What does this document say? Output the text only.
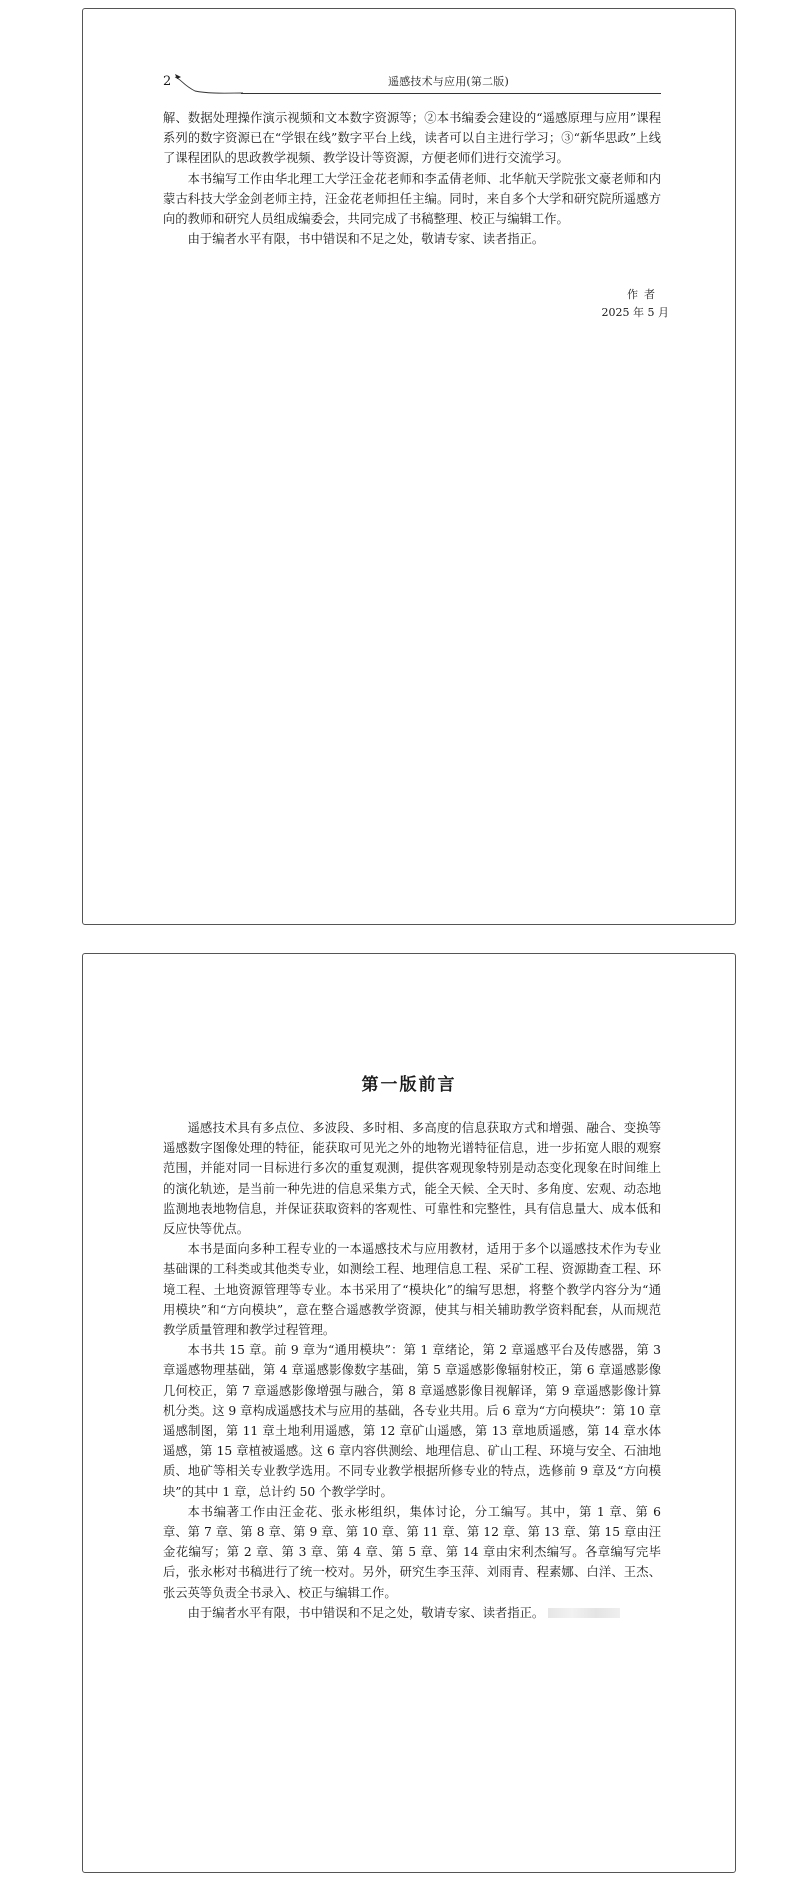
2	遥感技术与应用(第二版)

解、数据处理操作演示视频和文本数字资源等；②本书编委会建设的“遥感原理与应用”课程系列的数字资源已在“学银在线”数字平台上线，读者可以自主进行学习；③“新华思政”上线了课程团队的思政教学视频、教学设计等资源，方便老师们进行交流学习。

本书编写工作由华北理工大学汪金花老师和李孟倩老师、北华航天学院张文豪老师和内蒙古科技大学金剑老师主持，汪金花老师担任主编。同时，来自多个大学和研究院所遥感方向的教师和研究人员组成编委会，共同完成了书稿整理、校正与编辑工作。

由于编者水平有限，书中错误和不足之处，敬请专家、读者指正。

作者
2025 年 5 月
第一版前言

遥感技术具有多点位、多波段、多时相、多高度的信息获取方式和增强、融合、变换等遥感数字图像处理的特征，能获取可见光之外的地物光谱特征信息，进一步拓宽人眼的观察范围，并能对同一目标进行多次的重复观测，提供客观现象特别是动态变化现象在时间维上的演化轨迹，是当前一种先进的信息采集方式，能全天候、全天时、多角度、宏观、动态地监测地表地物信息，并保证获取资料的客观性、可靠性和完整性，具有信息量大、成本低和反应快等优点。

本书是面向多种工程专业的一本遥感技术与应用教材，适用于多个以遥感技术作为专业基础课的工科类或其他类专业，如测绘工程、地理信息工程、采矿工程、资源勘查工程、环境工程、土地资源管理等专业。本书采用了“模块化”的编写思想，将整个教学内容分为“通用模块”和“方向模块”，意在整合遥感教学资源，使其与相关辅助教学资料配套，从而规范教学质量管理和教学过程管理。

本书共 15 章。前 9 章为“通用模块”：第 1 章绪论，第 2 章遥感平台及传感器，第 3 章遥感物理基础，第 4 章遥感影像数字基础，第 5 章遥感影像辐射校正，第 6 章遥感影像几何校正，第 7 章遥感影像增强与融合，第 8 章遥感影像目视解译，第 9 章遥感影像计算机分类。这 9 章构成遥感技术与应用的基础，各专业共用。后 6 章为“方向模块”：第 10 章遥感制图，第 11 章土地利用遥感，第 12 章矿山遥感，第 13 章地质遥感，第 14 章水体遥感，第 15 章植被遥感。这 6 章内容供测绘、地理信息、矿山工程、环境与安全、石油地质、地矿等相关专业教学选用。不同专业教学根据所修专业的特点，选修前 9 章及“方向模块”的其中 1 章，总计约 50 个教学学时。

本书编著工作由汪金花、张永彬组织，集体讨论，分工编写。其中，第 1 章、第 6 章、第 7 章、第 8 章、第 9 章、第 10 章、第 11 章、第 12 章、第 13 章、第 15 章由汪金花编写；第 2 章、第 3 章、第 4 章、第 5 章、第 14 章由宋利杰编写。各章编写完毕后，张永彬对书稿进行了统一校对。另外，研究生李玉萍、刘雨青、程素娜、白洋、王杰、张云英等负责全书录入、校正与编辑工作。

由于编者水平有限，书中错误和不足之处，敬请专家、读者指正。
